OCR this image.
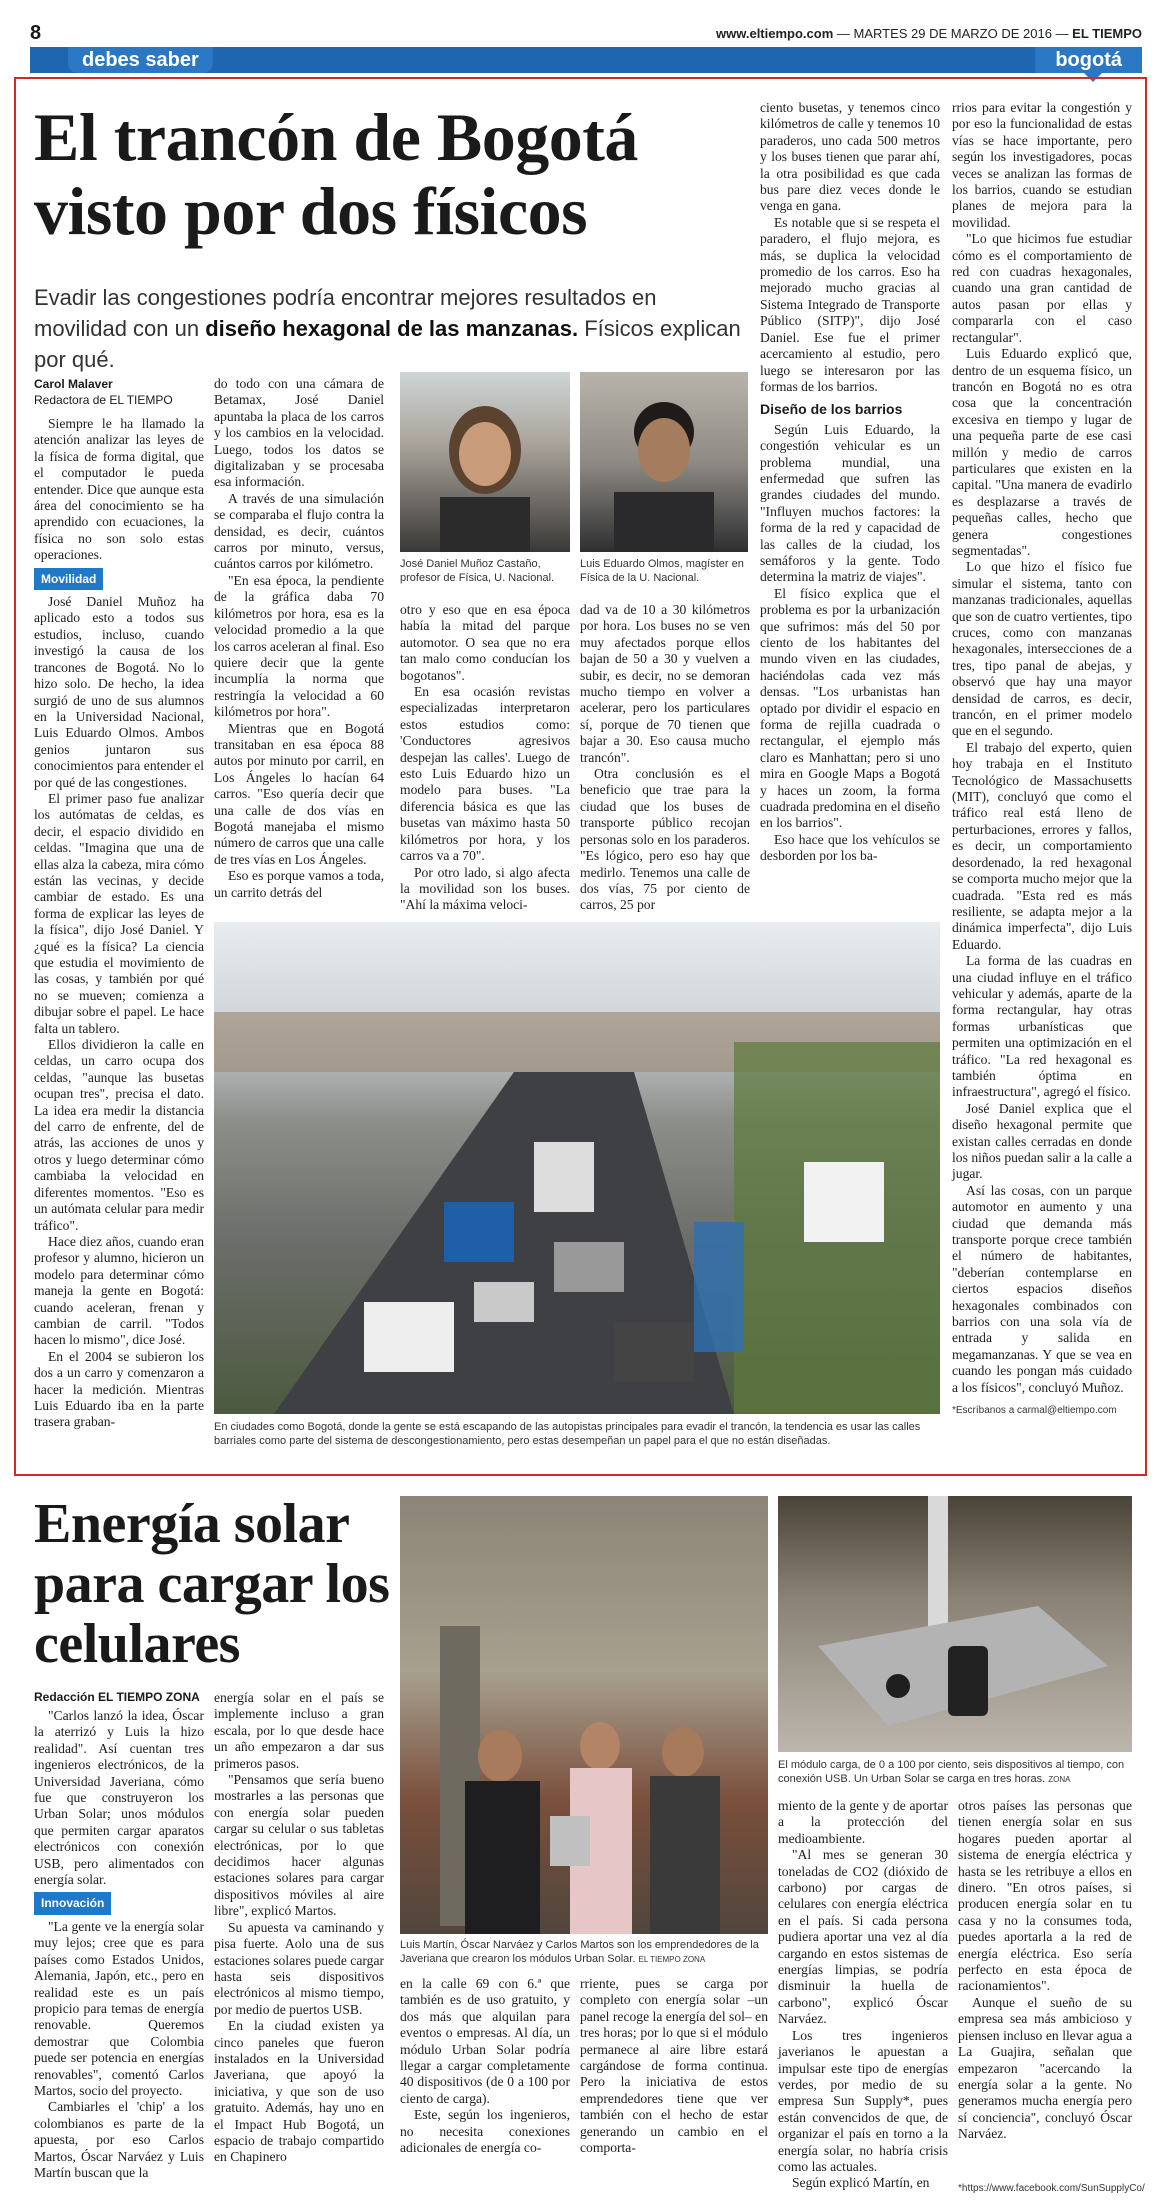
8	www.eltiempo.com — MARTES 29 DE MARZO DE 2016 — EL TIEMPO
debes saber	bogotá
El trancón de Bogotá visto por dos físicos
Evadir las congestiones podría encontrar mejores resultados en movilidad con un diseño hexagonal de las manzanas. Físicos explican por qué.
Carol Malaver
Redactora de EL TIEMPO

Siempre le ha llamado la atención analizar las leyes de la física de forma digital, que el computador le pueda entender. Dice que aunque esta área del conocimiento se ha aprendido con ecuaciones, la física no son solo estas operaciones.

Movilidad

José Daniel Muñoz ha aplicado esto a todos sus estudios, incluso, cuando investigó la causa de los trancones de Bogotá. No lo hizo solo. De hecho, la idea surgió de uno de sus alumnos en la Universidad Nacional, Luis Eduardo Olmos. Ambos genios juntaron sus conocimientos para entender el por qué de las congestiones.

El primer paso fue analizar los autómatas de celdas, es decir, el espacio dividido en celdas. "Imagina que una de ellas alza la cabeza, mira cómo están las vecinas, y decide cambiar de estado. Es una forma de explicar las leyes de la física", dijo José Daniel. Y ¿qué es la física? La ciencia que estudia el movimiento de las cosas, y también por qué no se mueven; comienza a dibujar sobre el papel. Le hace falta un tablero.

Ellos dividieron la calle en celdas, un carro ocupa dos celdas, "aunque las busetas ocupan tres", precisa el dato. La idea era medir la distancia del carro de enfrente, del de atrás, las acciones de unos y otros y luego determinar cómo cambiaba la velocidad en diferentes momentos. "Eso es un autómata celular para medir tráfico".

Hace diez años, cuando eran profesor y alumno, hicieron un modelo para determinar cómo maneja la gente en Bogotá: cuando aceleran, frenan y cambian de carril. "Todos hacen lo mismo", dice José.

En el 2004 se subieron los dos a un carro y comenzaron a hacer la medición. Mientras Luis Eduardo iba en la parte trasera graban-

do todo con una cámara de Betamax, José Daniel apuntaba la placa de los carros y los cambios en la velocidad. Luego, todos los datos se digitalizaban y se procesaba esa información.

A través de una simulación se comparaba el flujo contra la densidad, es decir, cuántos carros por minuto, versus, cuántos carros por kilómetro.

"En esa época, la pendiente de la gráfica daba 70 kilómetros por hora, esa es la velocidad promedio a la que los carros aceleran al final. Eso quiere decir que la gente incumplía la norma que restringía la velocidad a 60 kilómetros por hora".

Mientras que en Bogotá transitaban en esa época 88 autos por minuto por carril, en Los Ángeles lo hacían 64 carros. "Eso quería decir que una calle de dos vías en Bogotá manejaba el mismo número de carros que una calle de tres vías en Los Ángeles.

Eso es porque vamos a toda, un carrito detrás del

José Daniel Muñoz Castaño, profesor de Física, U. Nacional.
Luis Eduardo Olmos, magíster en Física de la U. Nacional.

otro y eso que en esa época había la mitad del parque automotor. O sea que no era tan malo como conducían los bogotanos".

En esa ocasión revistas especializadas interpretaron estos estudios como: 'Conductores agresivos despejan las calles'. Luego de esto Luis Eduardo hizo un modelo para buses. "La diferencia básica es que las busetas van máximo hasta 50 kilómetros por hora, y los carros va a 70".

Por otro lado, si algo afecta la movilidad son los buses. "Ahí la máxima veloci-

dad va de 10 a 30 kilómetros por hora. Los buses no se ven muy afectados porque ellos bajan de 50 a 30 y vuelven a subir, es decir, no se demoran mucho tiempo en volver a acelerar, pero los particulares sí, porque de 70 tienen que bajar a 30. Eso causa mucho trancón".

Otra conclusión es el beneficio que trae para la ciudad que los buses de transporte público recojan personas solo en los paraderos. "Es lógico, pero eso hay que medirlo. Tenemos una calle de dos vías, 75 por ciento de carros, 25 por

ciento busetas, y tenemos cinco kilómetros de calle y tenemos 10 paraderos, uno cada 500 metros y los buses tienen que parar ahí, la otra posibilidad es que cada bus pare diez veces donde le venga en gana.

Es notable que si se respeta el paradero, el flujo mejora, es más, se duplica la velocidad promedio de los carros. Eso ha mejorado mucho gracias al Sistema Integrado de Transporte Público (SITP)", dijo José Daniel. Ese fue el primer acercamiento al estudio, pero luego se interesaron por las formas de los barrios.

Diseño de los barrios

Según Luis Eduardo, la congestión vehicular es un problema mundial, una enfermedad que sufren las grandes ciudades del mundo. "Influyen muchos factores: la forma de la red y capacidad de las calles de la ciudad, los semáforos y la gente. Todo determina la matriz de viajes".

El físico explica que el problema es por la urbanización que sufrimos: más del 50 por ciento de los habitantes del mundo viven en las ciudades, haciéndolas cada vez más densas. "Los urbanistas han optado por dividir el espacio en forma de rejilla cuadrada o rectangular, el ejemplo más claro es Manhattan; pero si uno mira en Google Maps a Bogotá y haces un zoom, la forma cuadrada predomina en el diseño en los barrios".

Eso hace que los vehículos se desborden por los ba-

rrios para evitar la congestión y por eso la funcionalidad de estas vías se hace importante, pero según los investigadores, pocas veces se analizan las formas de los barrios, cuando se estudian planes de mejora para la movilidad.

"Lo que hicimos fue estudiar cómo es el comportamiento de red con cuadras hexagonales, cuando una gran cantidad de autos pasan por ellas y compararla con el caso rectangular".

Luis Eduardo explicó que, dentro de un esquema físico, un trancón en Bogotá no es otra cosa que la concentración excesiva en tiempo y lugar de una pequeña parte de ese casi millón y medio de carros particulares que existen en la capital. "Una manera de evadirlo es desplazarse a través de pequeñas calles, hecho que genera congestiones segmentadas".

Lo que hizo el físico fue simular el sistema, tanto con manzanas tradicionales, aquellas que son de cuatro vertientes, tipo cruces, como con manzanas hexagonales, intersecciones de a tres, tipo panal de abejas, y observó que hay una mayor densidad de carros, es decir, trancón, en el primer modelo que en el segundo.

El trabajo del experto, quien hoy trabaja en el Instituto Tecnológico de Massachusetts (MIT), concluyó que como el tráfico real está lleno de perturbaciones, errores y fallos, es decir, un comportamiento desordenado, la red hexagonal se comporta mucho mejor que la cuadrada. "Esta red es más resiliente, se adapta mejor a la dinámica imperfecta", dijo Luis Eduardo.

La forma de las cuadras en una ciudad influye en el tráfico vehicular y además, aparte de la forma rectangular, hay otras formas urbanísticas que permiten una optimización en el tráfico. "La red hexagonal es también óptima en infraestructura", agregó el físico.

José Daniel explica que el diseño hexagonal permite que existan calles cerradas en donde los niños puedan salir a la calle a jugar.

Así las cosas, con un parque automotor en aumento y una ciudad que demanda más transporte porque crece también el número de habitantes, "deberían contemplarse en ciertos espacios diseños hexagonales combinados con barrios con una sola vía de entrada y salida en megamanzanas. Y que se vea en cuando les pongan más cuidado a los físicos", concluyó Muñoz.

*Escríbanos a carmal@eltiempo.com
En ciudades como Bogotá, donde la gente se está escapando de las autopistas principales para evadir el trancón, la tendencia es usar las calles barriales como parte del sistema de descongestionamiento, pero estas desempeñan un papel para el que no están diseñadas.
Energía solar para cargar los celulares
Redacción EL TIEMPO ZONA

"Carlos lanzó la idea, Óscar la aterrizó y Luis la hizo realidad". Así cuentan tres ingenieros electrónicos, de la Universidad Javeriana, cómo fue que construyeron los Urban Solar; unos módulos que permiten cargar aparatos electrónicos con conexión USB, pero alimentados con energía solar.

Innovación

"La gente ve la energía solar muy lejos; cree que es para países como Estados Unidos, Alemania, Japón, etc., pero en realidad este es un país propicio para temas de energía renovable. Queremos demostrar que Colombia puede ser potencia en energías renovables", comentó Carlos Martos, socio del proyecto.

Cambiarles el 'chip' a los colombianos es parte de la apuesta, por eso Carlos Martos, Óscar Narváez y Luis Martín buscan que la

energía solar en el país se implemente incluso a gran escala, por lo que desde hace un año empezaron a dar sus primeros pasos.

"Pensamos que sería bueno mostrarles a las personas que con energía solar pueden cargar su celular o sus tabletas electrónicas, por lo que decidimos hacer algunas estaciones solares para cargar dispositivos móviles al aire libre", explicó Martos.

Su apuesta va caminando y pisa fuerte. Aolo una de sus estaciones solares puede cargar hasta seis dispositivos electrónicos al mismo tiempo, por medio de puertos USB.

En la ciudad existen ya cinco paneles que fueron instalados en la Universidad Javeriana, que apoyó la iniciativa, y que son de uso gratuito. Además, hay uno en el Impact Hub Bogotá, un espacio de trabajo compartido en Chapinero

Luis Martín, Óscar Narváez y Carlos Martos son los emprendedores de la Javeriana que crearon los módulos Urban Solar. EL TIEMPO ZONA

en la calle 69 con 6.ª que también es de uso gratuito, y dos más que alquilan para eventos o empresas. Al día, un módulo Urban Solar podría llegar a cargar completamente 40 dispositivos (de 0 a 100 por ciento de carga).

Este, según los ingenieros, no necesita conexiones adicionales de energía co-

rriente, pues se carga por completo con energía solar –un panel recoge la energía del sol– en tres horas; por lo que si el módulo permanece al aire libre estará cargándose de forma continua. Pero la iniciativa de estos emprendedores tiene que ver también con el hecho de estar generando un cambio en el comporta-

El módulo carga, de 0 a 100 por ciento, seis dispositivos al tiempo, con conexión USB. Un Urban Solar se carga en tres horas. ZONA

miento de la gente y de aportar a la protección del medioambiente.

"Al mes se generan 30 toneladas de CO2 (dióxido de carbono) por cargas de celulares con energía eléctrica en el país. Si cada persona pudiera aportar una vez al día cargando en estos sistemas de energías limpias, se podría disminuir la huella de carbono", explicó Óscar Narváez.

Los tres ingenieros javerianos le apuestan a impulsar este tipo de energías verdes, por medio de su empresa Sun Supply*, pues están convencidos de que, de organizar el país en torno a la energía solar, no habría crisis como las actuales.

Según explicó Martín, en

otros países las personas que tienen energía solar en sus hogares pueden aportar al sistema de energía eléctrica y hasta se les retribuye a ellos en dinero. "En otros países, si producen energía solar en tu casa y no la consumes toda, puedes aportarla a la red de energía eléctrica. Eso sería perfecto en esta época de racionamientos".

Aunque el sueño de su empresa sea más ambicioso y piensen incluso en llevar agua a La Guajira, señalan que empezaron "acercando la energía solar a la gente. No generamos mucha energía pero sí conciencia", concluyó Óscar Narváez.

*https://www.facebook.com/SunSupplyCo/
